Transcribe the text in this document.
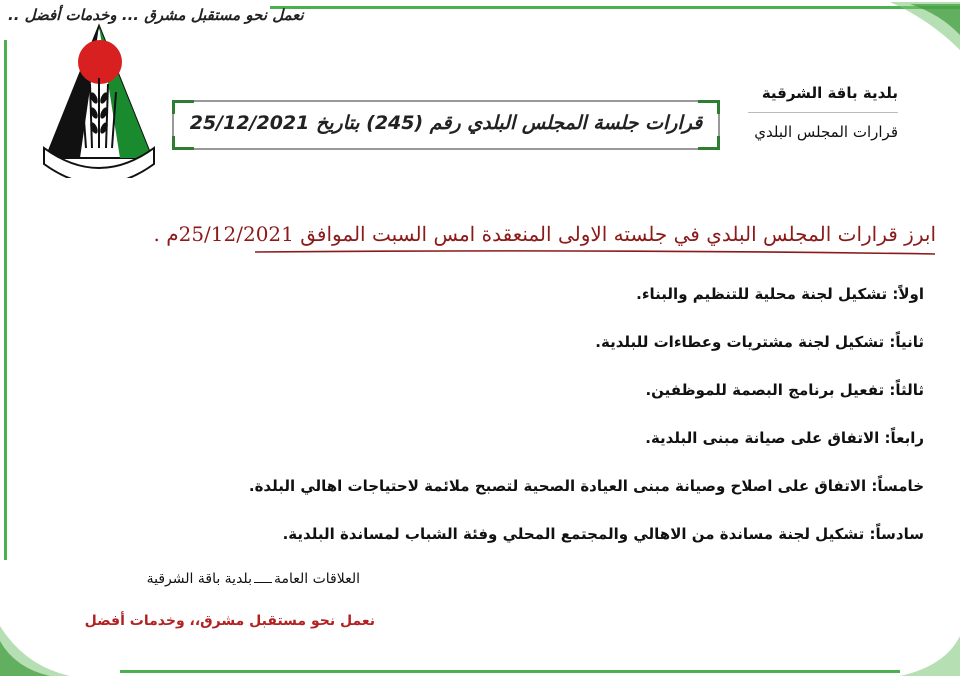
نعمل نحو مستقبل مشرق ... وخدمات أفضل ..
بلدية باقة الشرقية
قرارات المجلس البلدي
قرارات جلسة المجلس البلدي رقم (245) بتاريخ 25/12/2021
ابرز قرارات المجلس البلدي في جلسته الاولى المنعقدة امس السبت الموافق 25/12/2021م .
اولاً: تشكيل لجنة محلية للتنظيم والبناء.
ثانياً: تشكيل لجنة مشتريات وعطاءات للبلدية.
ثالثاً: تفعيل برنامج البصمة للموظفين.
رابعاً: الاتفاق على صيانة مبنى البلدية.
خامساً: الاتفاق على اصلاح وصيانة مبنى العيادة الصحية لتصبح ملائمة لاحتياجات اهالي البلدة.
سادساً: تشكيل لجنة مساندة من الاهالي والمجتمع المحلي وفئة الشباب لمساندة البلدية.
العلاقات العامةبلدية باقة الشرقية
نعمل نحو مستقبل مشرق،، وخدمات أفضل
